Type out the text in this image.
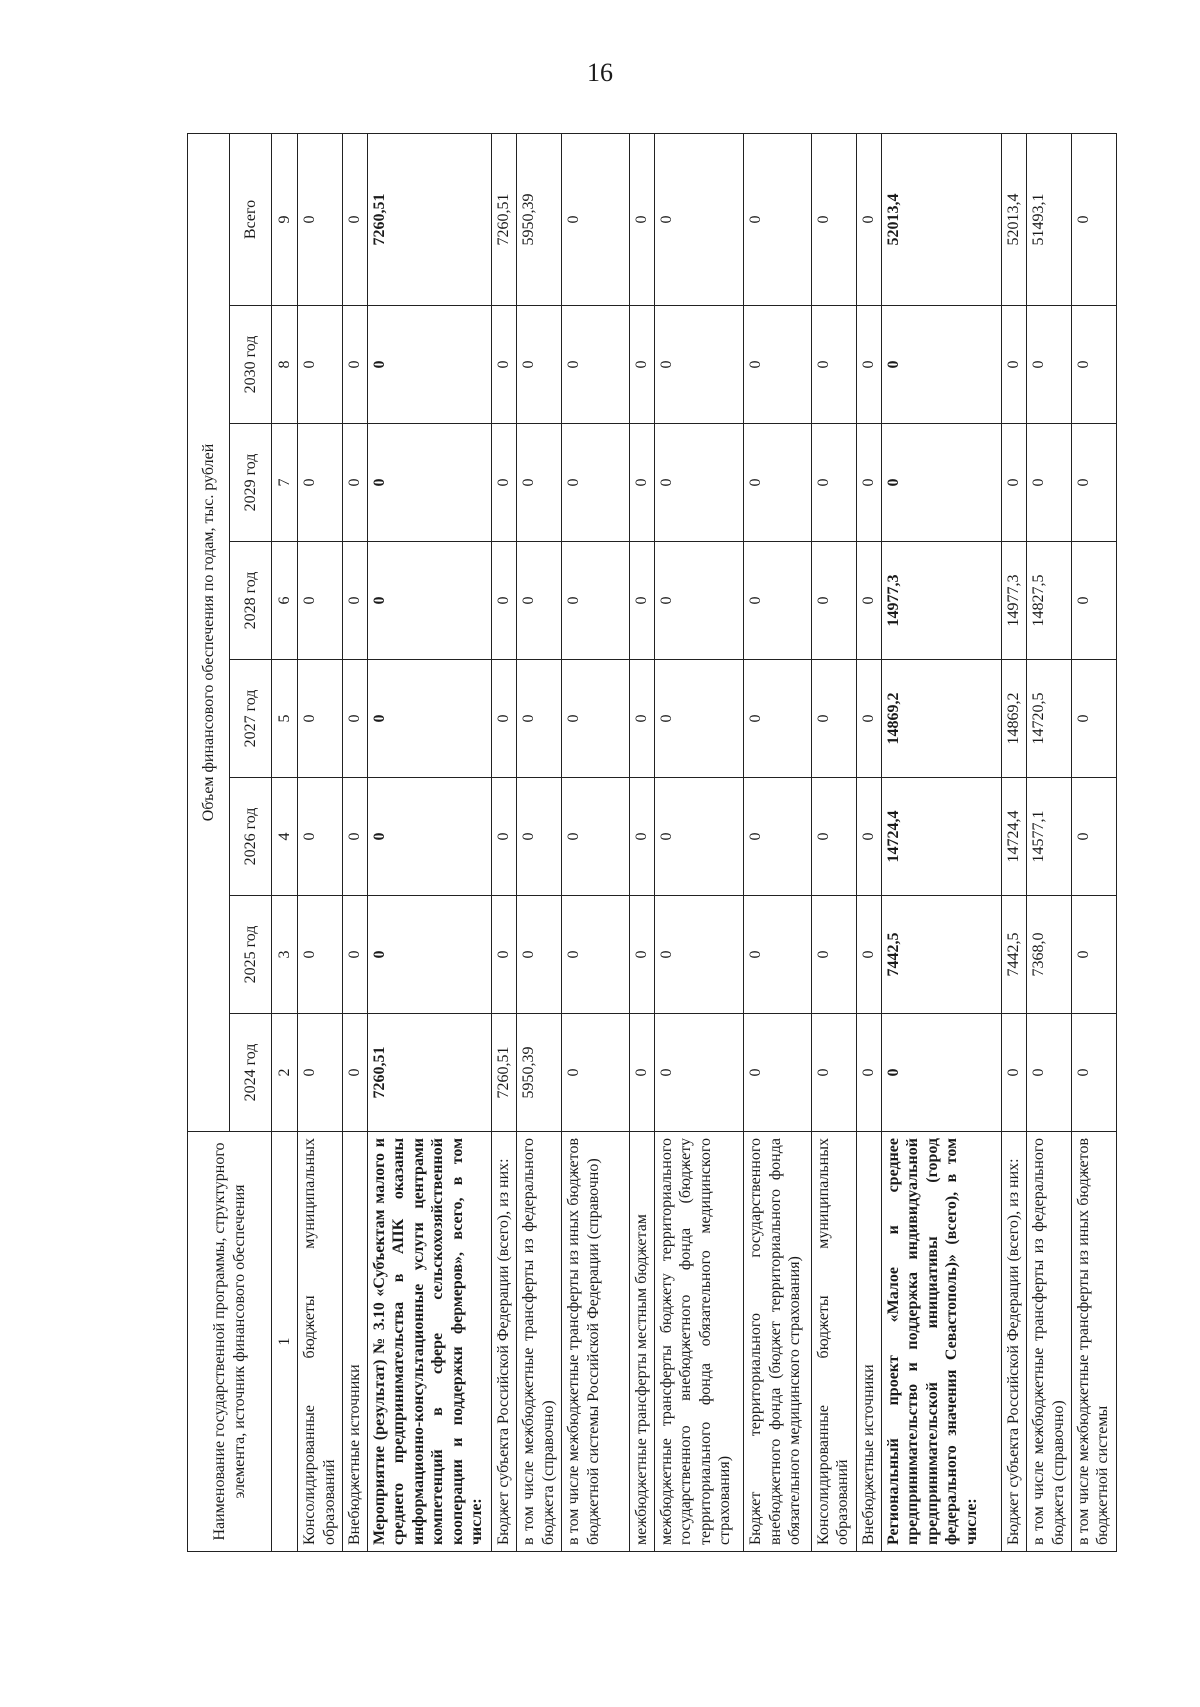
16
Наименование государственной программы, структурного элемента, источник финансового обеспечения	Объем финансового обеспечения по годам, тыс. рублей							
	2024 год	2025 год	2026 год	2027 год	2028 год	2029 год	2030 год	Всего
1	2	3	4	5	6	7	8	9
Консолидированные бюджеты муниципальных образований	0	0	0	0	0	0	0	0
Внебюджетные источники	0	0	0	0	0	0	0	0
Мероприятие (результат) № 3.10 «Субъектам малого и среднего предпринимательства в АПК оказаны информационно-консультационные услуги центрами компетенций в сфере сельскохозяйственной кооперации и поддержки фермеров», всего, в том числе:	7260,51	0	0	0	0	0	0	7260,51
Бюджет субъекта Российской Федерации (всего), из них:	7260,51	0	0	0	0	0	0	7260,51
в том числе межбюджетные трансферты из федерального бюджета (справочно)	5950,39	0	0	0	0	0	0	5950,39
в том числе межбюджетные трансферты из иных бюджетов бюджетной системы Российской Федерации (справочно)	0	0	0	0	0	0	0	0
межбюджетные трансферты местным бюджетам	0	0	0	0	0	0	0	0
межбюджетные трансферты бюджету территориального государственного внебюджетного фонда (бюджету территориального фонда обязательного медицинского страхования)	0	0	0	0	0	0	0	0
Бюджет территориального государственного внебюджетного фонда (бюджет территориального фонда обязательного медицинского страхования)	0	0	0	0	0	0	0	0
Консолидированные бюджеты муниципальных образований	0	0	0	0	0	0	0	0
Внебюджетные источники	0	0	0	0	0	0	0	0
Региональный проект «Малое и среднее предпринимательство и поддержка индивидуальной предпринимательской инициативы (город федерального значения Севастополь)» (всего), в том числе:	0	7442,5	14724,4	14869,2	14977,3	0	0	52013,4
Бюджет субъекта Российской Федерации (всего), из них:	0	7442,5	14724,4	14869,2	14977,3	0	0	52013,4
в том числе межбюджетные трансферты из федерального бюджета (справочно)	0	7368,0	14577,1	14720,5	14827,5	0	0	51493,1
в том числе межбюджетные трансферты из иных бюджетов бюджетной системы	0	0	0	0	0	0	0	0
